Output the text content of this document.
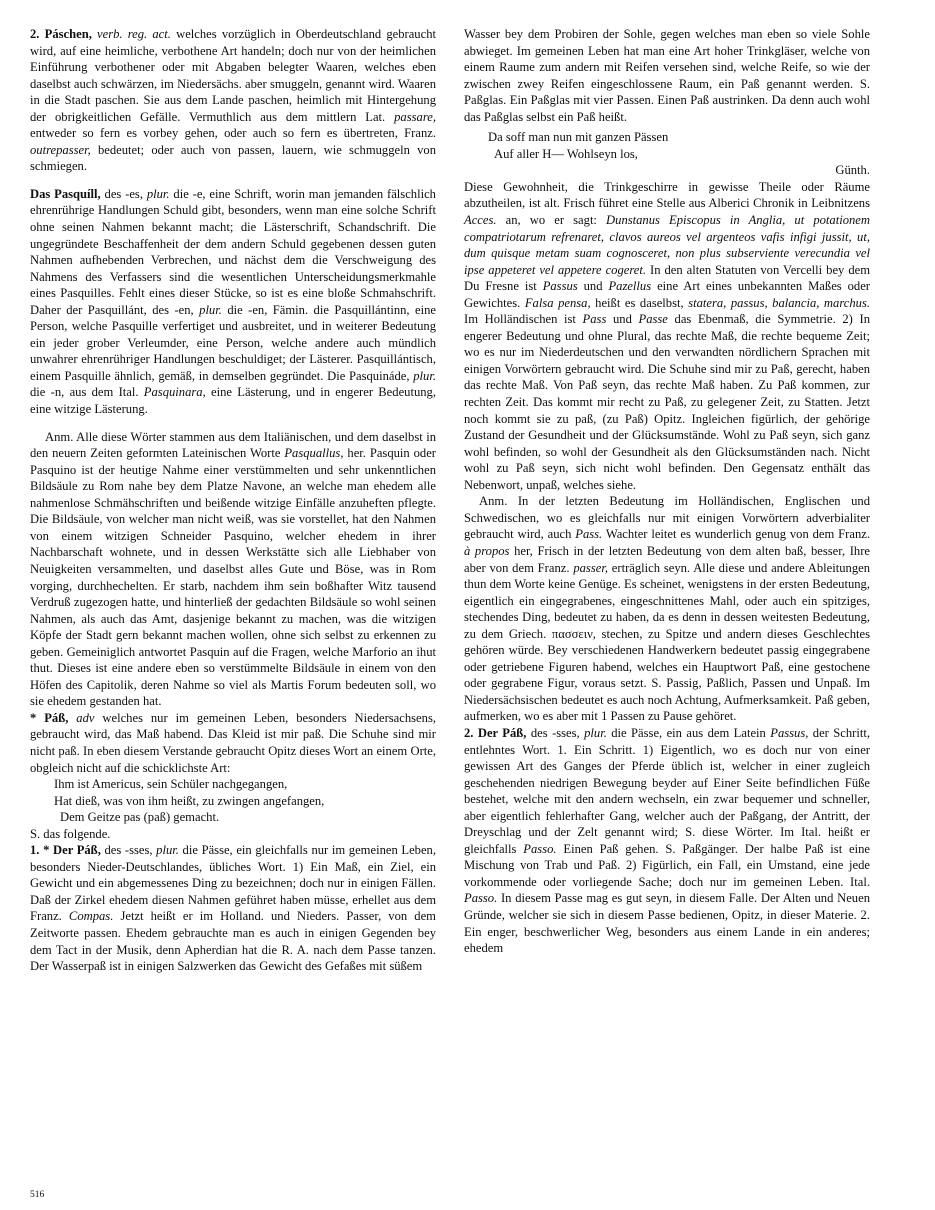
2. Páschen, verb. reg. act. welches vorzüglich in Oberdeutschland gebraucht wird, auf eine heimliche, verbothene Art handeln; doch nur von der heimlichen Einführung verbothener oder mit Abgaben belegter Waaren, welches eben daselbst auch schwärzen, im Niedersächs. aber smuggeln, genannt wird. Waaren in die Stadt paschen. Sie aus dem Lande paschen, heimlich mit Hintergehung der obrigkeitlichen Gefälle. Vermuthlich aus dem mittlern Lat. passare, entweder so fern es vorbey gehen, oder auch so fern es übertreten, Franz. outrepasser, bedeutet; oder auch von passen, lauern, wie schmuggeln von schmiegen.

Das Pasquíll, des -es, plur. die -e, eine Schrift, worin man jemanden fälschlich ehrenrührige Handlungen Schuld gibt, besonders, wenn man eine solche Schrift ohne seinen Nahmen bekannt macht; die Lästerschrift, Schandschrift. Die ungegründete Beschaffenheit der dem andern Schuld gegebenen dessen guten Nahmen aufhebenden Verbrechen, und nächst dem die Verschweigung des Nahmens des Verfassers sind die wesentlichen Unterscheidungsmerkmahle eines Pasquilles. Fehlt eines dieser Stücke, so ist es eine bloße Schmahschrift. Daher der Pasquillánt, des -en, plur. die -en, Fämin. die Pasquillántinn, eine Person, welche Pasquille verfertiget und ausbreitet, und in weiterer Bedeutung ein jeder grober Verleumder, eine Person, welche andere auch mündlich unwahrer ehrenrühriger Handlungen beschuldiget; der Lästerer. Pasquillántisch, einem Pasquille ähnlich, gemäß, in demselben gegründet. Die Pasquináde, plur. die -n, aus dem Ital. Pasquinara, eine Lästerung, und in engerer Bedeutung, eine witzige Lästerung.

Anm. Alle diese Wörter stammen aus dem Italiänischen, und dem daselbst in den neuern Zeiten geformten Lateinischen Worte Pasquallus, her. Pasquin oder Pasquino ist der heutige Nahme einer verstümmelten und sehr unkenntlichen Bildsäule zu Rom nahe bey dem Platze Navone, an welche man ehedem alle nahmenlose Schmähschriften und beißende witzige Einfälle anzuheften pflegte. Die Bildsäule, von welcher man nicht weiß, was sie vorstellet, hat den Nahmen von einem witzigen Schneider Pasquino, welcher ehedem in ihrer Nachbarschaft wohnete, und in dessen Werkstätte sich alle Liebhaber von Neuigkeiten versammelten, und daselbst alles Gute und Böse, was in Rom vorging, durchhechelten. Er starb, nachdem ihm sein boßhafter Witz tausend Verdruß zugezogen hatte, und hinterließ der gedachten Bildsäule so wohl seinen Nahmen, als auch das Amt, dasjenige bekannt zu machen, was die witzigen Köpfe der Stadt gern bekannt machen wollen, ohne sich selbst zu erkennen zu geben. Gemeiniglich antwortet Pasquin auf die Fragen, welche Marforio an ihut thut. Dieses ist eine andere eben so verstümmelte Bildsäule in einem von den Höfen des Capitolik, deren Nahme so viel als Martis Forum bedeuten soll, wo sie ehedem gestanden hat.

* Páß, adv welches nur im gemeinen Leben, besonders Niedersachsens, gebraucht wird, das Maß habend. Das Kleid ist mir paß. Die Schuhe sind mir nicht paß. In eben diesem Verstande gebraucht Opitz dieses Wort an einem Orte, obgleich nicht auf die schicklichste Art:

Ihm ist Americus, sein Schüler nachgegangen,

Hat dieß, was von ihm heißt, zu zwingen angefangen,

Dem Geitze pas (paß) gemacht.

S. das folgende.

1. * Der Páß, des -sses, plur. die Pässe, ein gleichfalls nur im gemeinen Leben, besonders Nieder-Deutschlandes, übliches Wort. 1) Ein Maß, ein Ziel, ein Gewicht und ein abgemessenes Ding zu bezeichnen; doch nur in einigen Fällen. Daß der Zirkel ehedem diesen Nahmen geführet haben müsse, erhellet aus dem Franz. Compas. Jetzt heißt er im Holland. und Nieders. Passer, von dem Zeitworte passen. Ehedem gebrauchte man es auch in einigen Gegenden bey dem Tact in der Musik, denn Apherdian hat die R. A. nach dem Passe tanzen. Der Wasserpaß ist in einigen Salzwerken das Gewicht des Gefaßes mit süßem

Wasser bey dem Probiren der Sohle, gegen welches man eben so viele Sohle abwieget. Im gemeinen Leben hat man eine Art hoher Trinkgläser, welche von einem Raume zum andern mit Reifen versehen sind, welche Reife, so wie der zwischen zwey Reifen eingeschlossene Raum, ein Paß genannt werden. S. Paßglas. Ein Paßglas mit vier Passen. Einen Paß austrinken. Da denn auch wohl das Paßglas selbst ein Paß heißt.

Da soff man nun mit ganzen Pässen

Auf aller H— Wohlseyn los,

Günth.

Diese Gewohnheit, die Trinkgeschirre in gewisse Theile oder Räume abzutheilen, ist alt. Frisch führet eine Stelle aus Alberici Chronik in Leibnitzens Acces. an, wo er sagt: Dunstanus Episcopus in Anglia, ut potationem compatriotarum refrenaret, clavos aureos vel argenteos vafis infigi jussit, ut, dum quisque metam suam cognosceret, non plus subserviente verecundia vel ipse appeteret vel appetere cogeret. In den alten Statuten von Vercelli bey dem Du Fresne ist Passus und Pazellus eine Art eines unbekannten Maßes oder Gewichtes. Falsa pensa, heißt es daselbst, statera, passus, balancia, marchus. Im Holländischen ist Pass und Passe das Ebenmaß, die Symmetrie. 2) In engerer Bedeutung und ohne Plural, das rechte Maß, die rechte bequeme Zeit; wo es nur im Niederdeutschen und den verwandten nördlichern Sprachen mit einigen Vorwörtern gebraucht wird. Die Schuhe sind mir zu Paß, gerecht, haben das rechte Maß. Von Paß seyn, das rechte Maß haben. Zu Paß kommen, zur rechten Zeit. Das kommt mir recht zu Paß, zu gelegener Zeit, zu Statten. Jetzt noch kommt sie zu paß, (zu Paß) Opitz. Ingleichen figürlich, der gehörige Zustand der Gesundheit und der Glücksumstände. Wohl zu Paß seyn, sich ganz wohl befinden, so wohl der Gesundheit als den Glücksumständen nach. Nicht wohl zu Paß seyn, sich nicht wohl befinden. Den Gegensatz enthält das Nebenwort, unpaß, welches siehe.

Anm. In der letzten Bedeutung im Holländischen, Englischen und Schwedischen, wo es gleichfalls nur mit einigen Vorwörtern adverbialiter gebraucht wird, auch Pass. Wachter leitet es wunderlich genug von dem Franz. à propos her, Frisch in der letzten Bedeutung von dem alten baß, besser, Ihre aber von dem Franz. passer, erträglich seyn. Alle diese und andere Ableitungen thun dem Worte keine Genüge. Es scheinet, wenigstens in der ersten Bedeutung, eigentlich ein eingegrabenes, eingeschnittenes Mahl, oder auch ein spitziges, stechendes Ding, bedeutet zu haben, da es denn in dessen weitesten Bedeutung, zu dem Griech. πασσειν, stechen, zu Spitze und andern dieses Geschlechtes gehören würde. Bey verschiedenen Handwerkern bedeutet passig eingegrabene oder getriebene Figuren habend, welches ein Hauptwort Paß, eine gestochene oder gegrabene Figur, voraus setzt. S. Passig, Paßlich, Passen und Unpaß. Im Niedersächsischen bedeutet es auch noch Achtung, Aufmerksamkeit. Paß geben, aufmerken, wo es aber mit 1 Passen zu Pause gehöret.

2. Der Páß, des -sses, plur. die Pässe, ein aus dem Latein Passus, der Schritt, entlehntes Wort. 1. Ein Schritt. 1) Eigentlich, wo es doch nur von einer gewissen Art des Ganges der Pferde üblich ist, welcher in einer zugleich geschehenden niedrigen Bewegung beyder auf Einer Seite befindlichen Füße bestehet, welche mit den andern wechseln, ein zwar bequemer und schneller, aber eigentlich fehlerhafter Gang, welcher auch der Paßgang, der Antritt, der Dreyschlag und der Zelt genannt wird; S. diese Wörter. Im Ital. heißt er gleichfalls Passo. Einen Paß gehen. S. Paßgänger. Der halbe Paß ist eine Mischung von Trab und Paß. 2) Figürlich, ein Fall, ein Umstand, eine jede vorkommende oder vorliegende Sache; doch nur im gemeinen Leben. Ital. Passo. In diesem Passe mag es gut seyn, in diesem Falle. Der Alten und Neuen Gründe, welcher sie sich in diesem Passe bedienen, Opitz, in dieser Materie. 2. Ein enger, beschwerlicher Weg, besonders aus einem Lande in ein anderes; ehedem

516
